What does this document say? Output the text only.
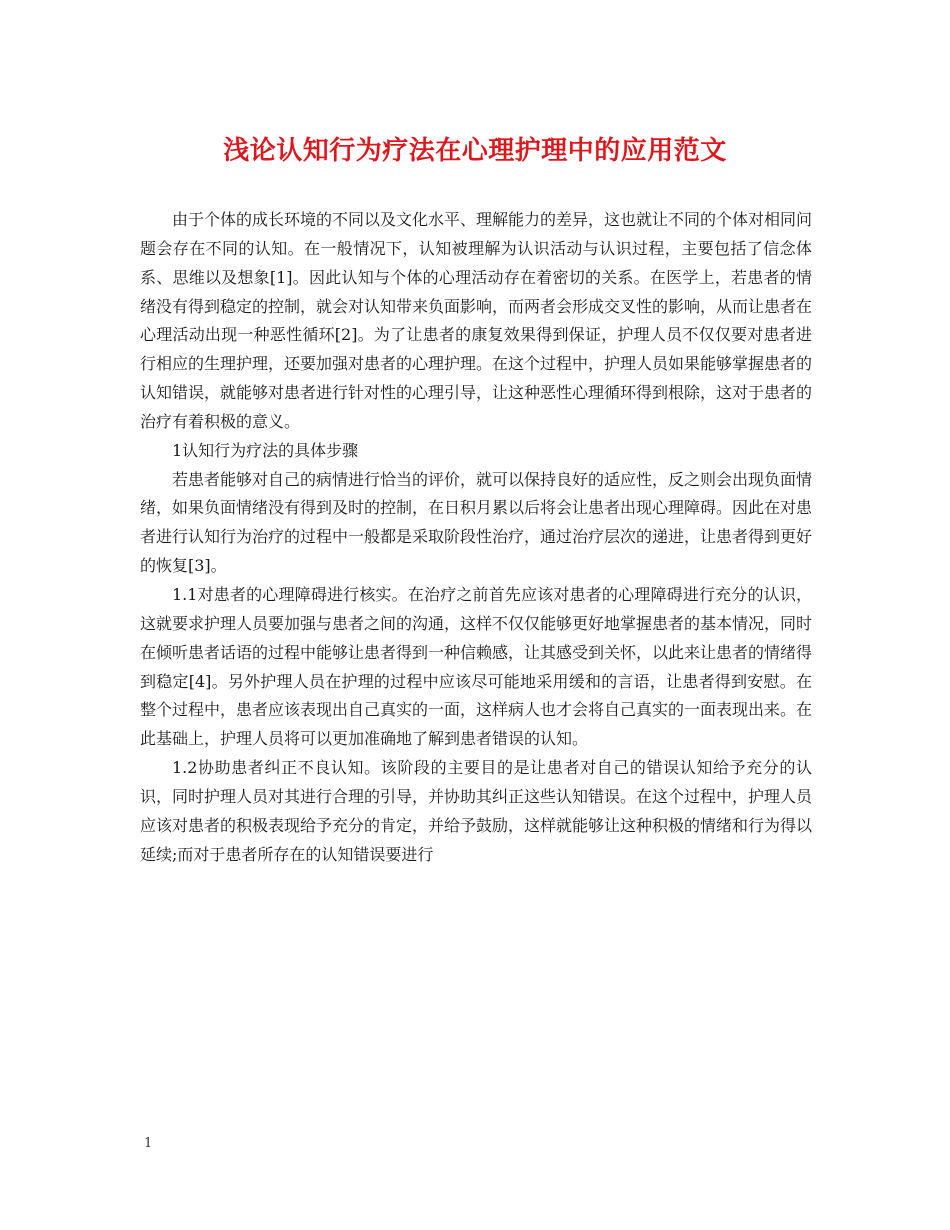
浅论认知行为疗法在心理护理中的应用范文

由于个体的成长环境的不同以及文化水平、理解能力的差异，这也就让不同的个体对相同问题会存在不同的认知。在一般情况下，认知被理解为认识活动与认识过程，主要包括了信念体系、思维以及想象[1]。因此认知与个体的心理活动存在着密切的关系。在医学上，若患者的情绪没有得到稳定的控制，就会对认知带来负面影响，而两者会形成交叉性的影响，从而让患者在心理活动出现一种恶性循环[2]。为了让患者的康复效果得到保证，护理人员不仅仅要对患者进行相应的生理护理，还要加强对患者的心理护理。在这个过程中，护理人员如果能够掌握患者的认知错误，就能够对患者进行针对性的心理引导，让这种恶性心理循环得到根除，这对于患者的治疗有着积极的意义。

1认知行为疗法的具体步骤

若患者能够对自己的病情进行恰当的评价，就可以保持良好的适应性，反之则会出现负面情绪，如果负面情绪没有得到及时的控制，在日积月累以后将会让患者出现心理障碍。因此在对患者进行认知行为治疗的过程中一般都是采取阶段性治疗，通过治疗层次的递进，让患者得到更好的恢复[3]。

1.1对患者的心理障碍进行核实。在治疗之前首先应该对患者的心理障碍进行充分的认识，这就要求护理人员要加强与患者之间的沟通，这样不仅仅能够更好地掌握患者的基本情况，同时在倾听患者话语的过程中能够让患者得到一种信赖感，让其感受到关怀，以此来让患者的情绪得到稳定[4]。另外护理人员在护理的过程中应该尽可能地采用缓和的言语，让患者得到安慰。在整个过程中，患者应该表现出自己真实的一面，这样病人也才会将自己真实的一面表现出来。在此基础上，护理人员将可以更加准确地了解到患者错误的认知。

1.2协助患者纠正不良认知。该阶段的主要目的是让患者对自己的错误认知给予充分的认识，同时护理人员对其进行合理的引导，并协助其纠正这些认知错误。在这个过程中，护理人员应该对患者的积极表现给予充分的肯定，并给予鼓励，这样就能够让这种积极的情绪和行为得以延续;而对于患者所存在的认知错误要进行

1
